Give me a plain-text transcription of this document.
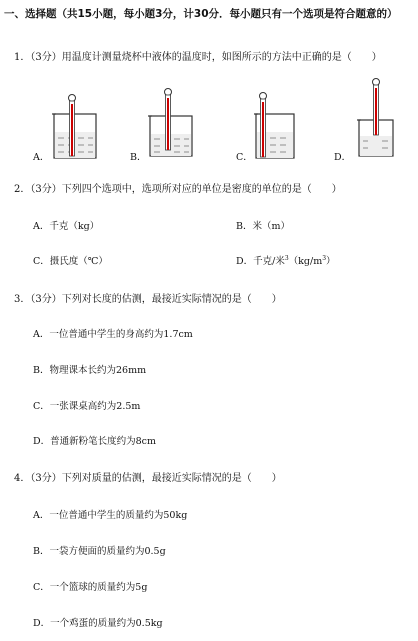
一、选择题（共15小题，每小题3分，计30分．每小题只有一个选项是符合题意的）
1．（3分）用温度计测量烧杯中液体的温度时，如图所示的方法中正确的是（　　）
A．	B．	C．	D．
2．（3分）下列四个选项中，选项所对应的单位是密度的单位的是（　　）
A．千克（kg）	B．米（m）
C．摄氏度（℃）	D．千克/米$^3(kg/m^3)$
3．（3分）下列对长度的估测，最接近实际情况的是（　　）
A．一位普通中学生的身高约为1.7cm
B．物理课本长约为26mm
C．一张课桌高约为2.5m
D．普通新粉笔长度约为8cm
4．（3分）下列对质量的估测，最接近实际情况的是（　　）
A．一位普通中学生的质量约为50kg
B．一袋方便面的质量约为0.5g
C．一个篮球的质量约为5g
D．一个鸡蛋的质量约为0.5kg
